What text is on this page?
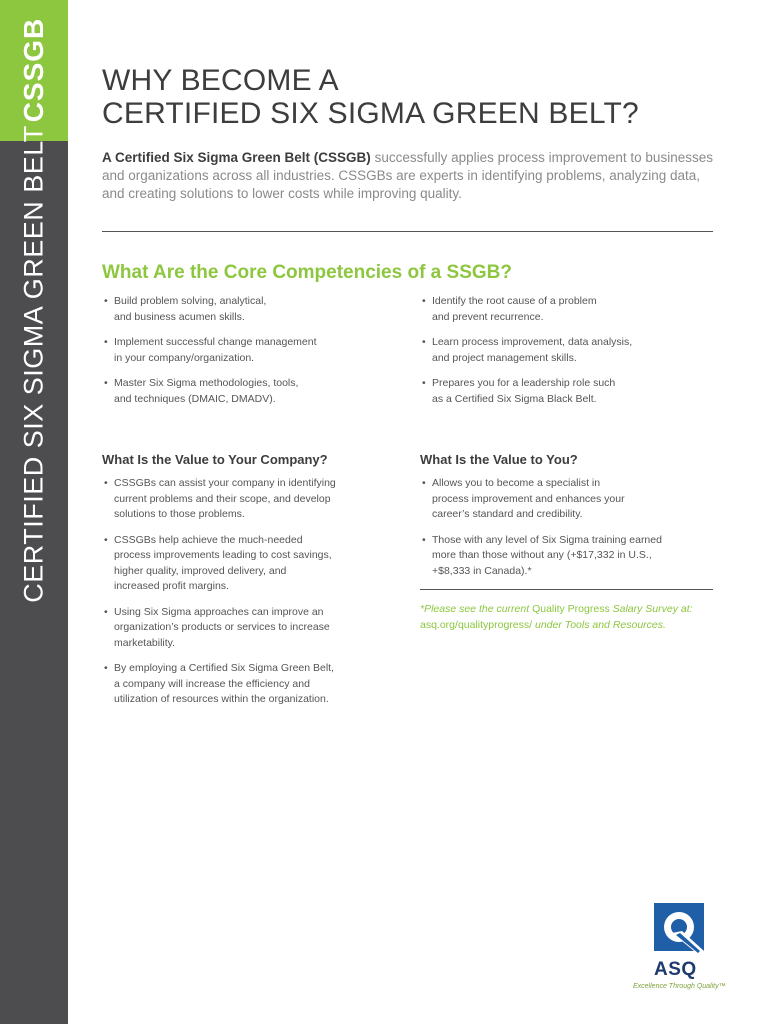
CSSGB
CERTIFIED SIX SIGMA GREEN BELT
WHY BECOME A
CERTIFIED SIX SIGMA GREEN BELT?

A Certified Six Sigma Green Belt (CSSGB) successfully applies process improvement to businesses and organizations across all industries. CSSGBs are experts in identifying problems, analyzing data, and creating solutions to lower costs while improving quality.

What Are the Core Competencies of a SSGB?
• Build problem solving, analytical,
and business acumen skills.
• Implement successful change management
in your company/organization.
• Master Six Sigma methodologies, tools,
and techniques (DMAIC, DMADV).
• Identify the root cause of a problem
and prevent recurrence.
• Learn process improvement, data analysis,
and project management skills.
• Prepares you for a leadership role such
as a Certified Six Sigma Black Belt.
What Is the Value to Your Company?
• CSSGBs can assist your company in identifying
current problems and their scope, and develop
solutions to those problems.
• CSSGBs help achieve the much-needed
process improvements leading to cost savings,
higher quality, improved delivery, and
increased profit margins.
• Using Six Sigma approaches can improve an
organization’s products or services to increase
marketability.
• By employing a Certified Six Sigma Green Belt,
a company will increase the efficiency and
utilization of resources within the organization.
What Is the Value to You?
• Allows you to become a specialist in
process improvement and enhances your
career’s standard and credibility.
• Those with any level of Six Sigma training earned
more than those without any (+$17,332 in U.S.,
+$8,333 in Canada).*

*Please see the current Quality Progress Salary Survey at:
asq.org/qualityprogress/ under Tools and Resources.

ASQ
Excellence Through Quality™
